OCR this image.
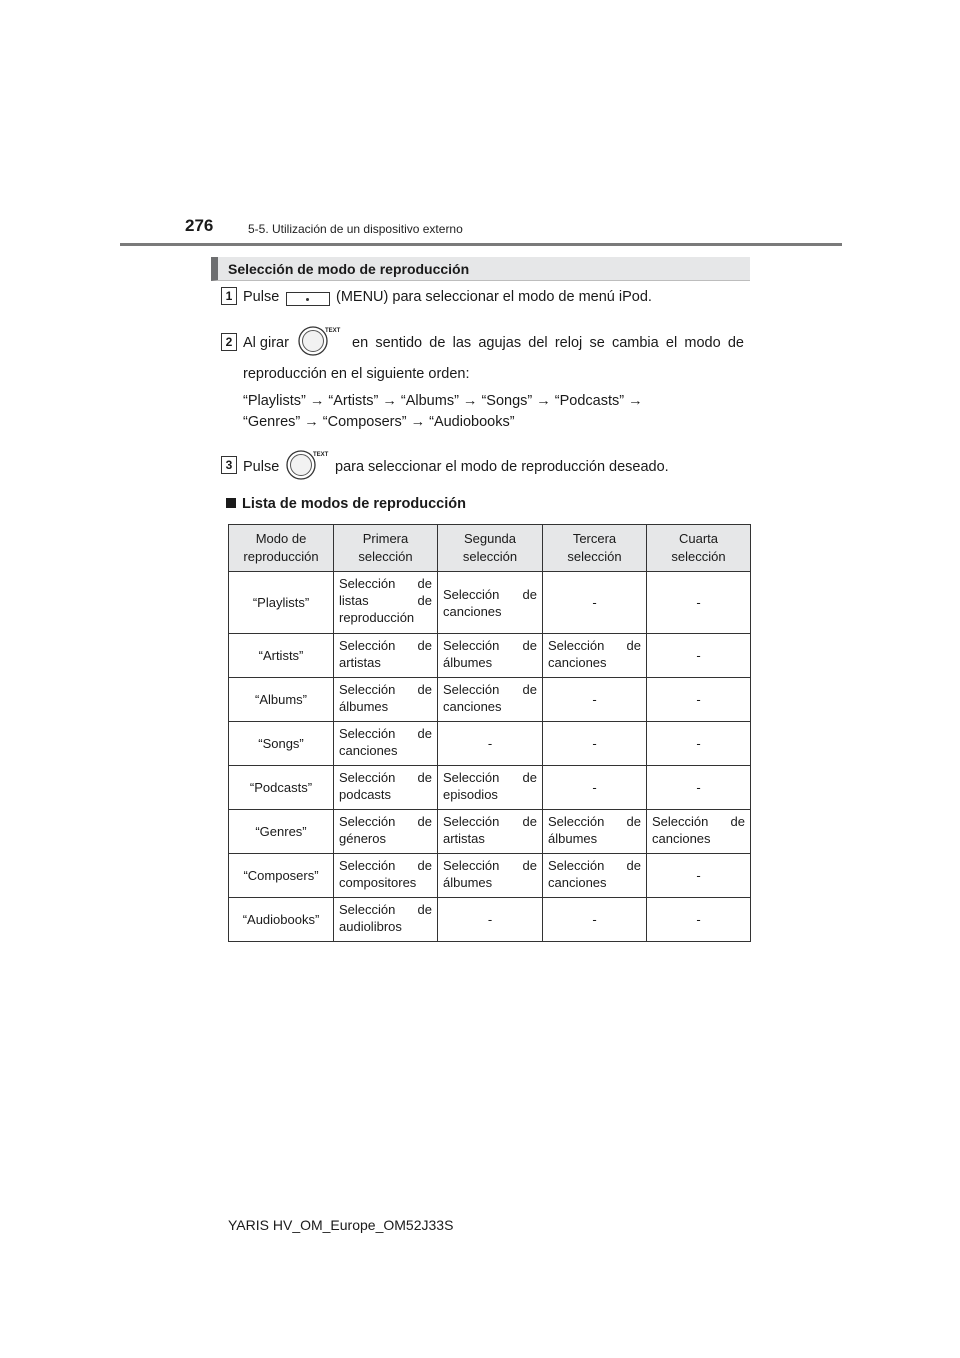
276	5-5. Utilización de un dispositivo externo
Selección de modo de reproducción
1 Pulse	(MENU) para seleccionar el modo de menú iPod.
2 Al girar
TEXT
en sentido de las agujas del reloj se cambia el modo de
reproducción en el siguiente orden:
“Playlists” → “Artists” → “Albums” → “Songs” → “Podcasts” →
“Genres” → “Composers” → “Audiobooks”
3 Pulse
TEXT
para seleccionar el modo de reproducción deseado.
Lista de modos de reproducción
Modo de reproducción	Primera selección	Segunda selección	Tercera selección	Cuarta selección
“Playlists”	Selección de listas de reproducción	Selección de canciones	-	-
“Artists”	Selección de artistas	Selección de álbumes	Selección de canciones	-
“Albums”	Selección de álbumes	Selección de canciones	-	-
“Songs”	Selección de canciones	-	-	-
“Podcasts”	Selección de podcasts	Selección de episodios	-	-
“Genres”	Selección de géneros	Selección de artistas	Selección de álbumes	Selección de canciones
“Composers”	Selección de compositores	Selección de álbumes	Selección de canciones	-
“Audiobooks”	Selección de audiolibros	-	-	-
YARIS HV_OM_Europe_OM52J33S
